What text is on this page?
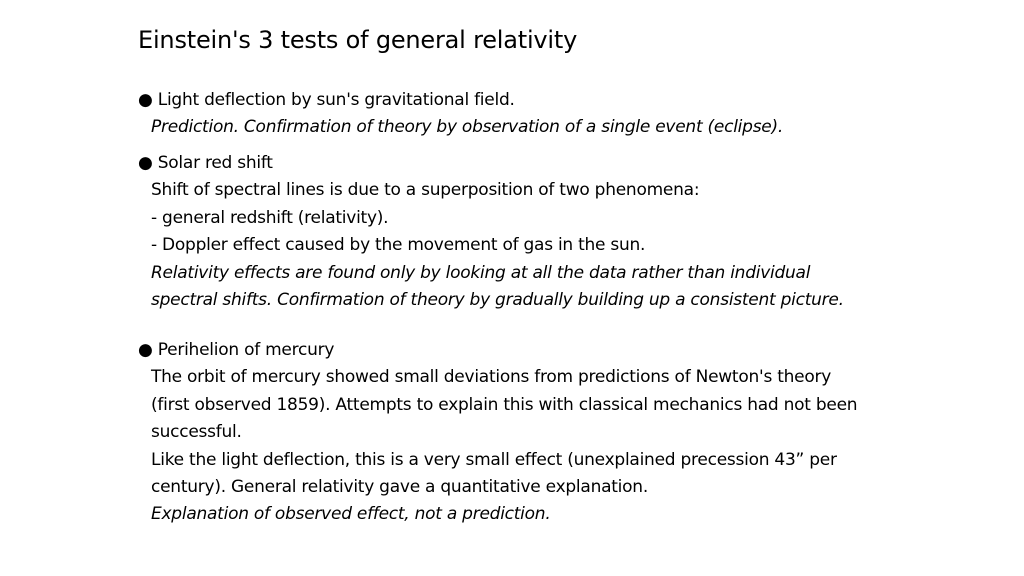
Einstein's 3 tests of general relativity
● Light deflection by sun's gravitational field.
Prediction. Confirmation of theory by observation of a single event (eclipse).
● Solar red shift
Shift of spectral lines is due to a superposition of two phenomena:
- general redshift (relativity).
- Doppler effect caused by the movement of gas in the sun.
Relativity effects are found only by looking at all the data rather than individual
spectral shifts. Confirmation of theory by gradually building up a consistent picture.
● Perihelion of mercury
The orbit of mercury showed small deviations from predictions of Newton's theory
(first observed 1859). Attempts to explain this with classical mechanics had not been
successful.
Like the light deflection, this is a very small effect (unexplained precession 43” per
century). General relativity gave a quantitative explanation.
Explanation of observed effect, not a prediction.
